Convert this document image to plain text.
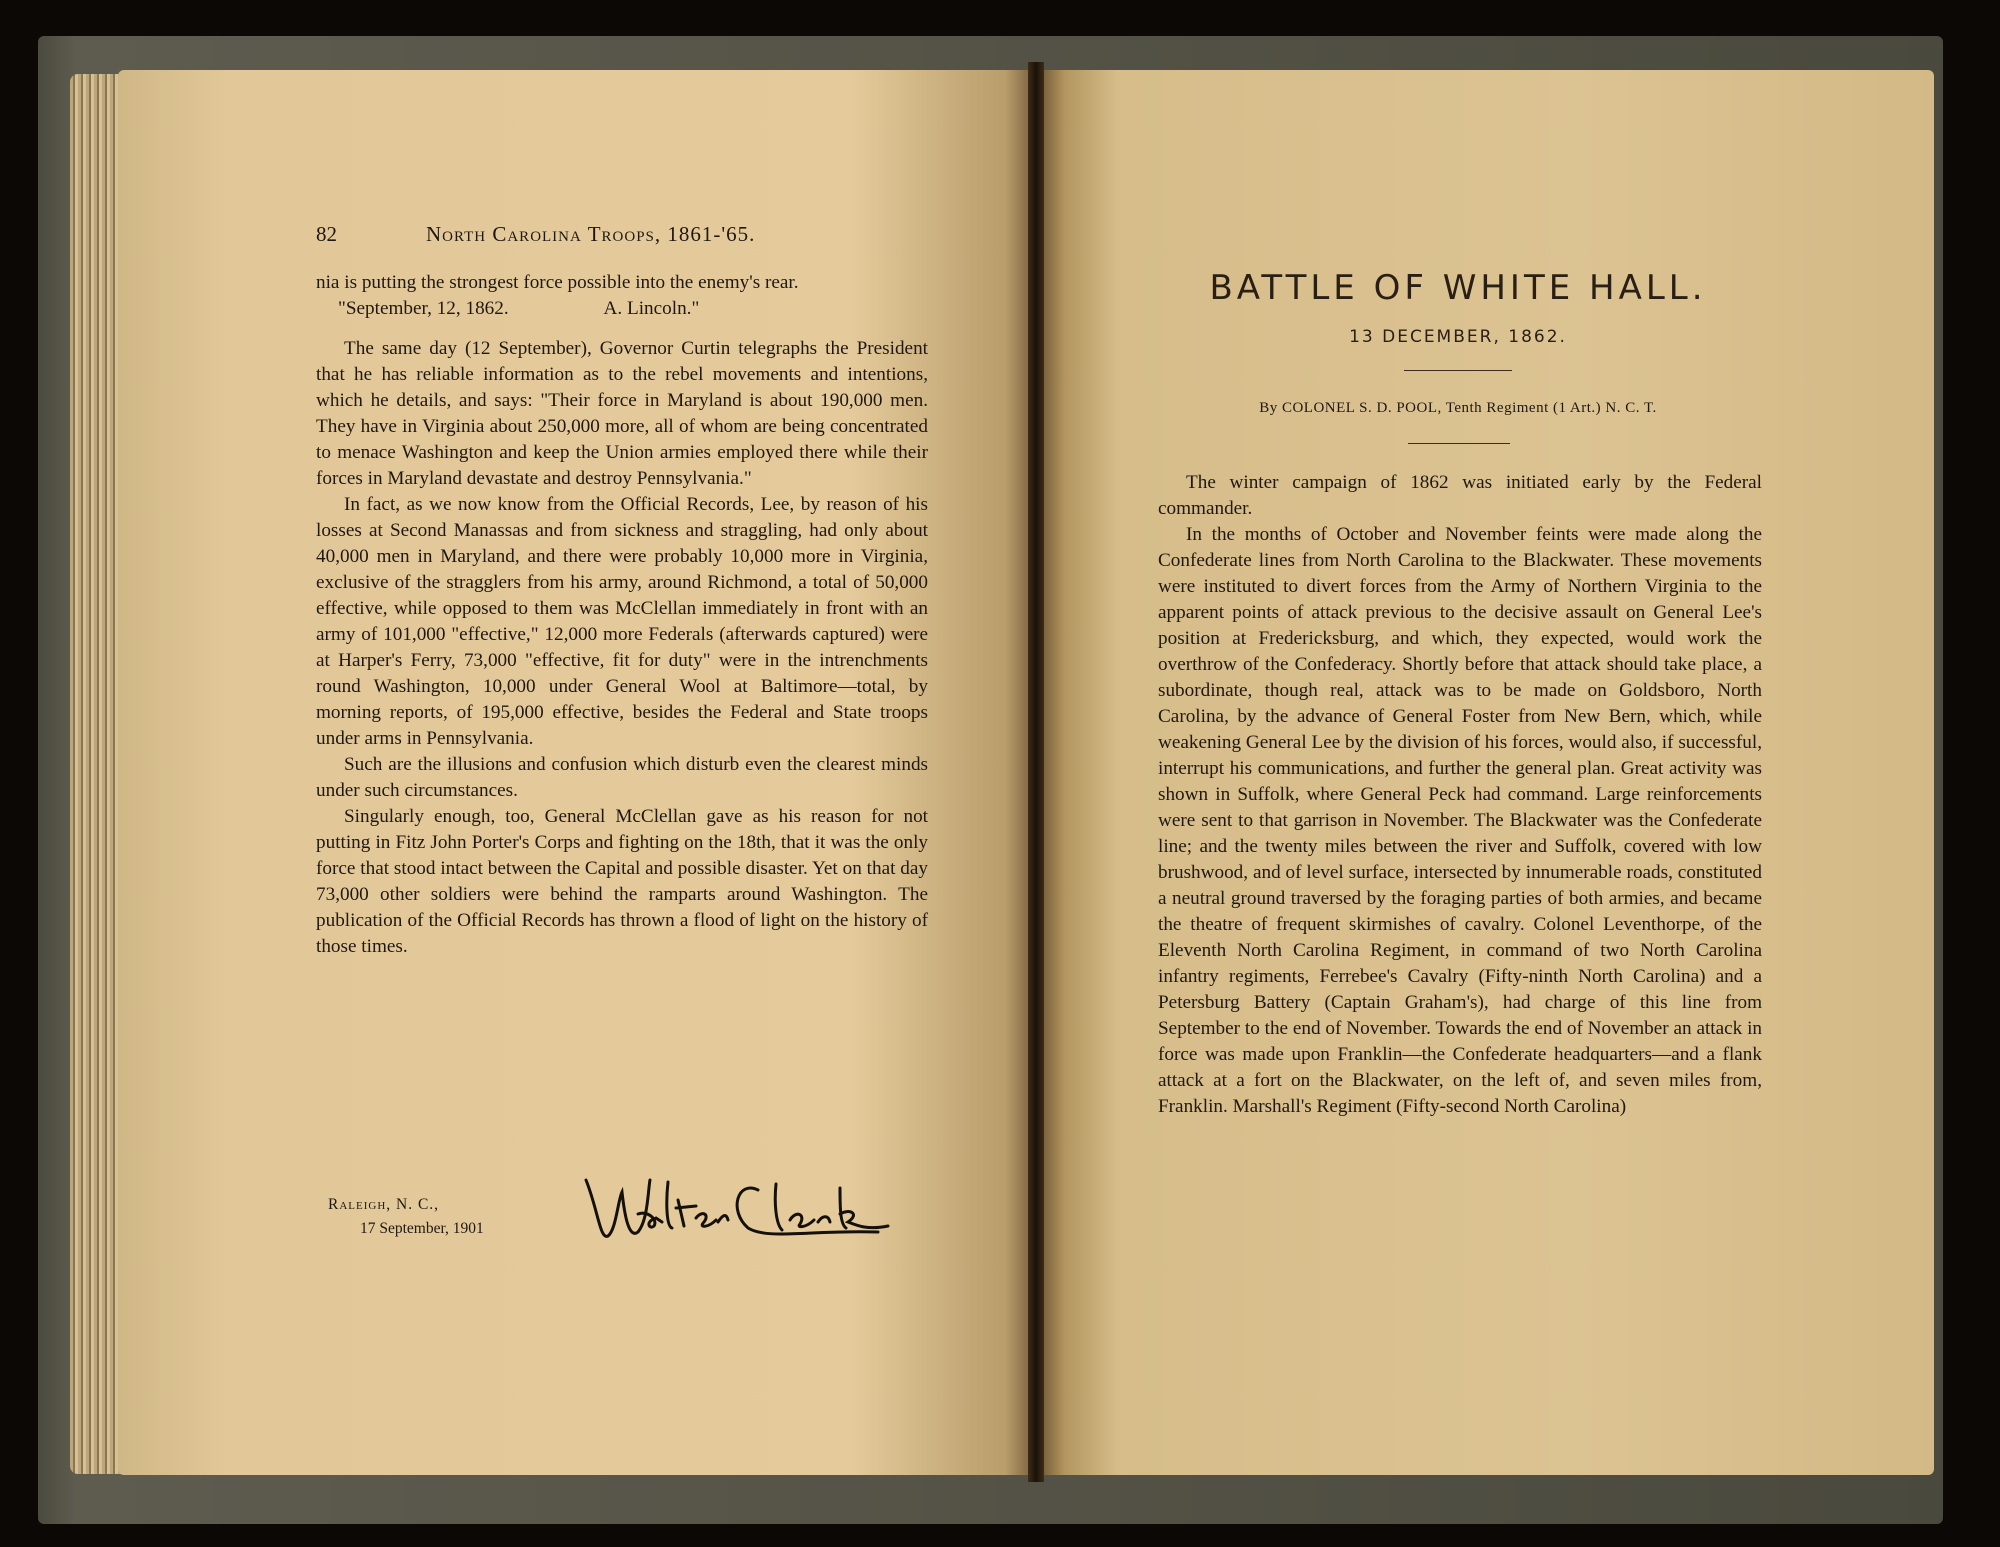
82	North Carolina Troops, 1861-'65.

nia is putting the strongest force possible into the enemy's rear.

"September, 12, 1862.                    A. Lincoln."

The same day (12 September), Governor Curtin telegraphs the President that he has reliable information as to the rebel movements and intentions, which he details, and says: "Their force in Maryland is about 190,000 men. They have in Virginia about 250,000 more, all of whom are being concentrated to menace Washington and keep the Union armies employed there while their forces in Maryland devastate and destroy Pennsylvania."

In fact, as we now know from the Official Records, Lee, by reason of his losses at Second Manassas and from sickness and straggling, had only about 40,000 men in Maryland, and there were probably 10,000 more in Virginia, exclusive of the stragglers from his army, around Richmond, a total of 50,000 effective, while opposed to them was McClellan immediately in front with an army of 101,000 "effective," 12,000 more Federals (afterwards captured) were at Harper's Ferry, 73,000 "effective, fit for duty" were in the intrenchments round Washington, 10,000 under General Wool at Baltimore—total, by morning reports, of 195,000 effective, besides the Federal and State troops under arms in Pennsylvania.

Such are the illusions and confusion which disturb even the clearest minds under such circumstances.

Singularly enough, too, General McClellan gave as his reason for not putting in Fitz John Porter's Corps and fighting on the 18th, that it was the only force that stood intact between the Capital and possible disaster. Yet on that day 73,000 other soldiers were behind the ramparts around Washington. The publication of the Official Records has thrown a flood of light on the history of those times.

Raleigh, N. C.,
17 September, 1901
BATTLE OF WHITE HALL.
13 DECEMBER, 1862.
By COLONEL S. D. POOL, Tenth Regiment (1 Art.) N. C. T.

The winter campaign of 1862 was initiated early by the Federal commander.

In the months of October and November feints were made along the Confederate lines from North Carolina to the Blackwater. These movements were instituted to divert forces from the Army of Northern Virginia to the apparent points of attack previous to the decisive assault on General Lee's position at Fredericksburg, and which, they expected, would work the overthrow of the Confederacy. Shortly before that attack should take place, a subordinate, though real, attack was to be made on Goldsboro, North Carolina, by the advance of General Foster from New Bern, which, while weakening General Lee by the division of his forces, would also, if successful, interrupt his communications, and further the general plan. Great activity was shown in Suffolk, where General Peck had command. Large reinforcements were sent to that garrison in November. The Blackwater was the Confederate line; and the twenty miles between the river and Suffolk, covered with low brushwood, and of level surface, intersected by innumerable roads, constituted a neutral ground traversed by the foraging parties of both armies, and became the theatre of frequent skirmishes of cavalry. Colonel Leventhorpe, of the Eleventh North Carolina Regiment, in command of two North Carolina infantry regiments, Ferrebee's Cavalry (Fifty-ninth North Carolina) and a Petersburg Battery (Captain Graham's), had charge of this line from September to the end of November. Towards the end of November an attack in force was made upon Franklin—the Confederate headquarters—and a flank attack at a fort on the Blackwater, on the left of, and seven miles from, Franklin. Marshall's Regiment (Fifty-second North Carolina)
